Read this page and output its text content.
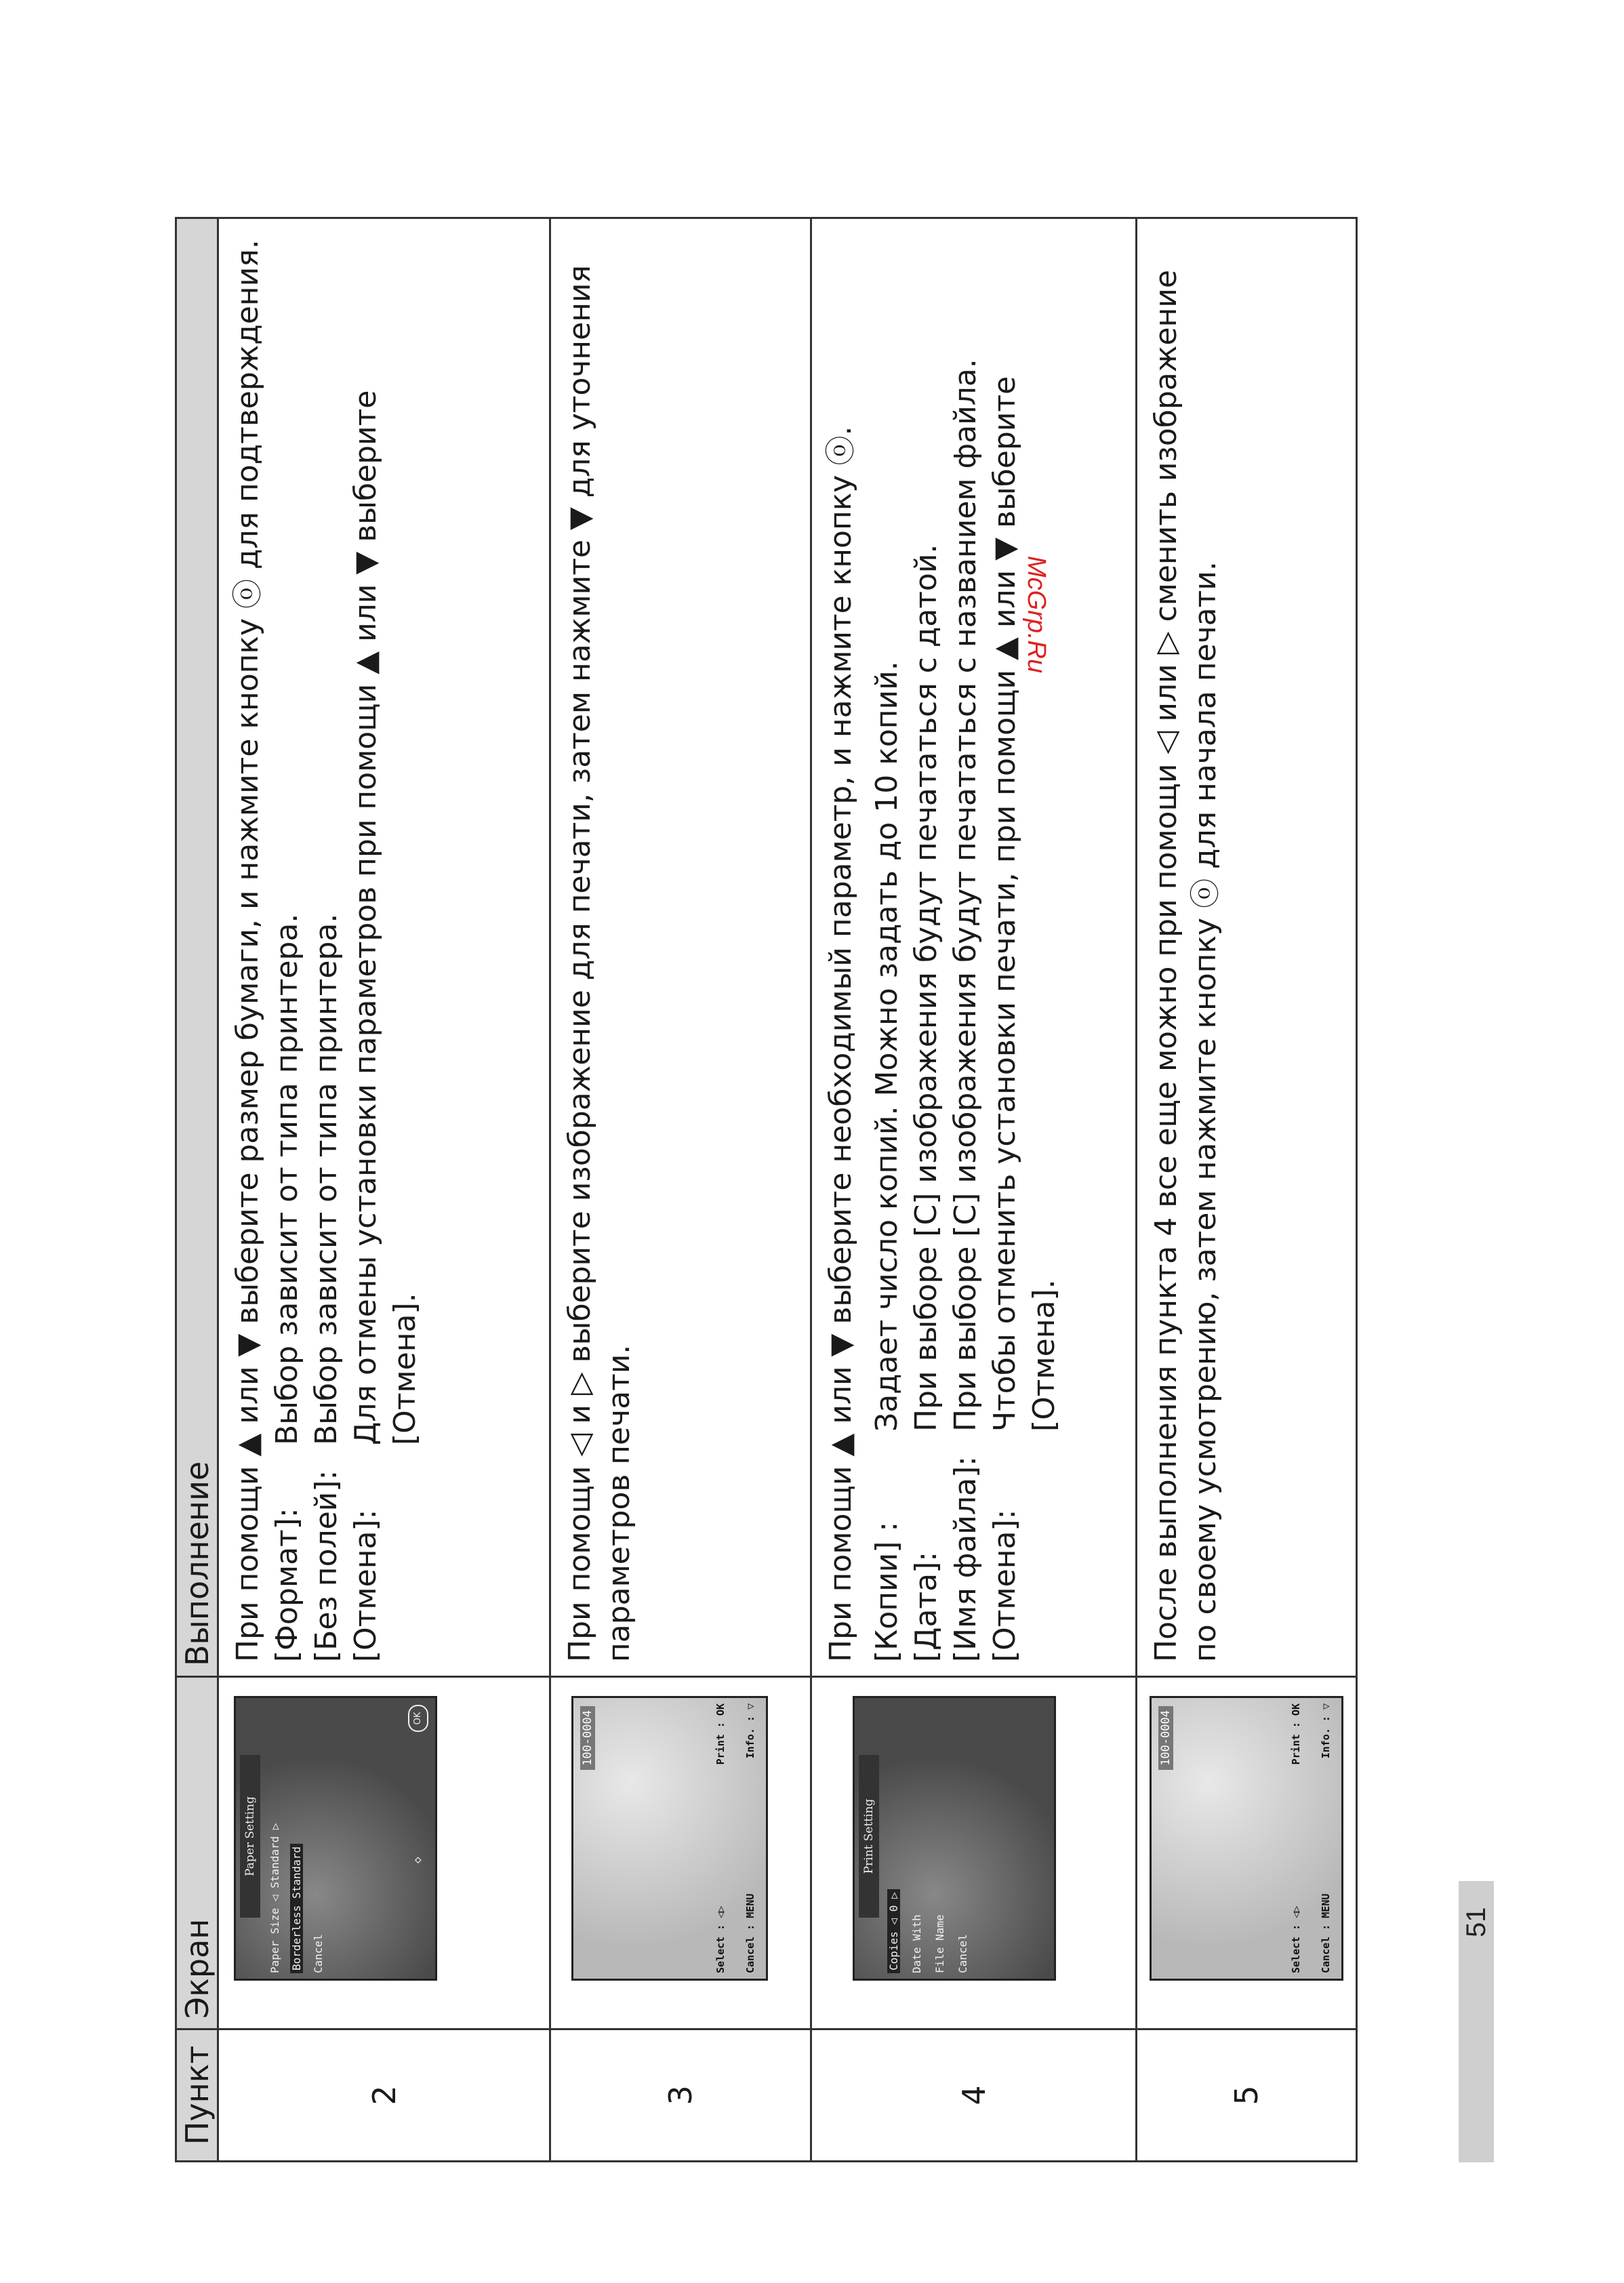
Пункт
Экран
Выполнение
2
Paper Setting	Paper Size ◁ Standard ▷ Borderless Standard Cancel
◇
OK
При помощи ▲ или ▼ выберите размер бумаги, и нажмите кнопку ⓞ для подтверждения. [Формат]:
Выбор зависит от типа принтера.
[Без полей]:
Выбор зависит от типа принтера.
[Отмена]:
Для отмены установки параметров при помощи ▲ или ▼ выберите [Отмена].
3
100-0004
Select : ◁▷
Print : OK
Cancel : MENU
Info. : ▽
При помощи ◁ и ▷ выберите изображение для печати, затем нажмите ▼ для уточнения параметров печати.
4
Print Setting
Copies ◁ 0 ▷ Date With File Name Cancel
При помощи ▲ или ▼ выберите необходимый параметр, и нажмите кнопку ⓞ. [Копии] :
Задает число копий. Можно задать до 10 копий.
[Дата]:
При выборе [С] изображения будут печататься с датой.
[Имя файла]:
При выборе [С] изображения будут печататься с названием файла.
[Отмена]:
Чтобы отменить установки печати, при помощи ▲ или ▼ выберите [Отмена].
5
100-0004
Select : ◁▷
Print : OK
Cancel : MENU
Info. : ▽
После выполнения пункта 4 все еще можно при помощи ◁ или ▷ сменить изображение по своему усмотрению, затем нажмите кнопку ⓞ для начала печати.
51
McGrp.Ru
